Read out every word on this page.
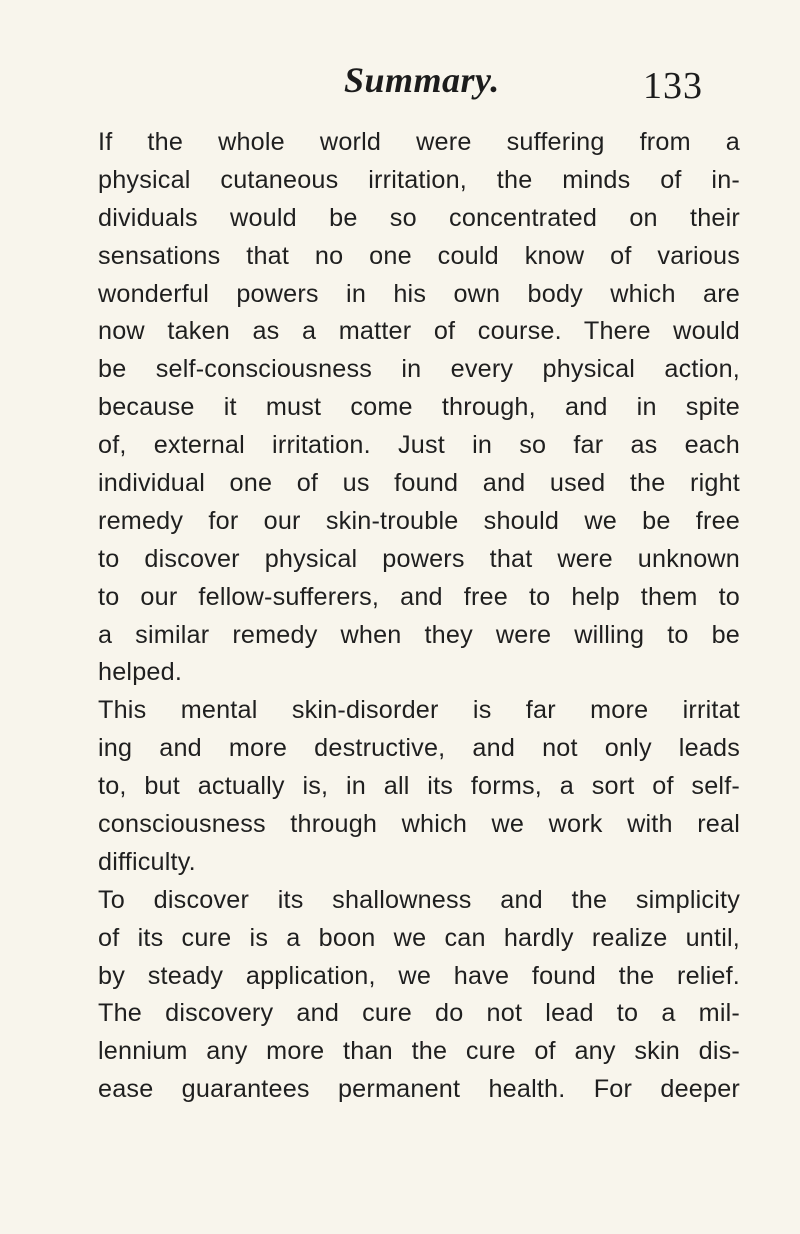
Summary.	133
If the whole world were suffering from a
physical cutaneous irritation, the minds of in-
dividuals would be so concentrated on their
sensations that no one could know of various
wonderful powers in his own body which are
now taken as a matter of course. There would
be self-consciousness in every physical action,
because it must come through, and in spite
of, external irritation. Just in so far as each
individual one of us found and used the right
remedy for our skin-trouble should we be free
to discover physical powers that were unknown
to our fellow-sufferers, and free to help them to
a similar remedy when they were willing to be
helped.
This mental skin-disorder is far more irritat
ing and more destructive, and not only leads
to, but actually is, in all its forms, a sort of self-
consciousness through which we work with real
difficulty.
To discover its shallowness and the simplicity
of its cure is a boon we can hardly realize until,
by steady application, we have found the relief.
The discovery and cure do not lead to a mil-
lennium any more than the cure of any skin dis-
ease guarantees permanent health. For deeper
